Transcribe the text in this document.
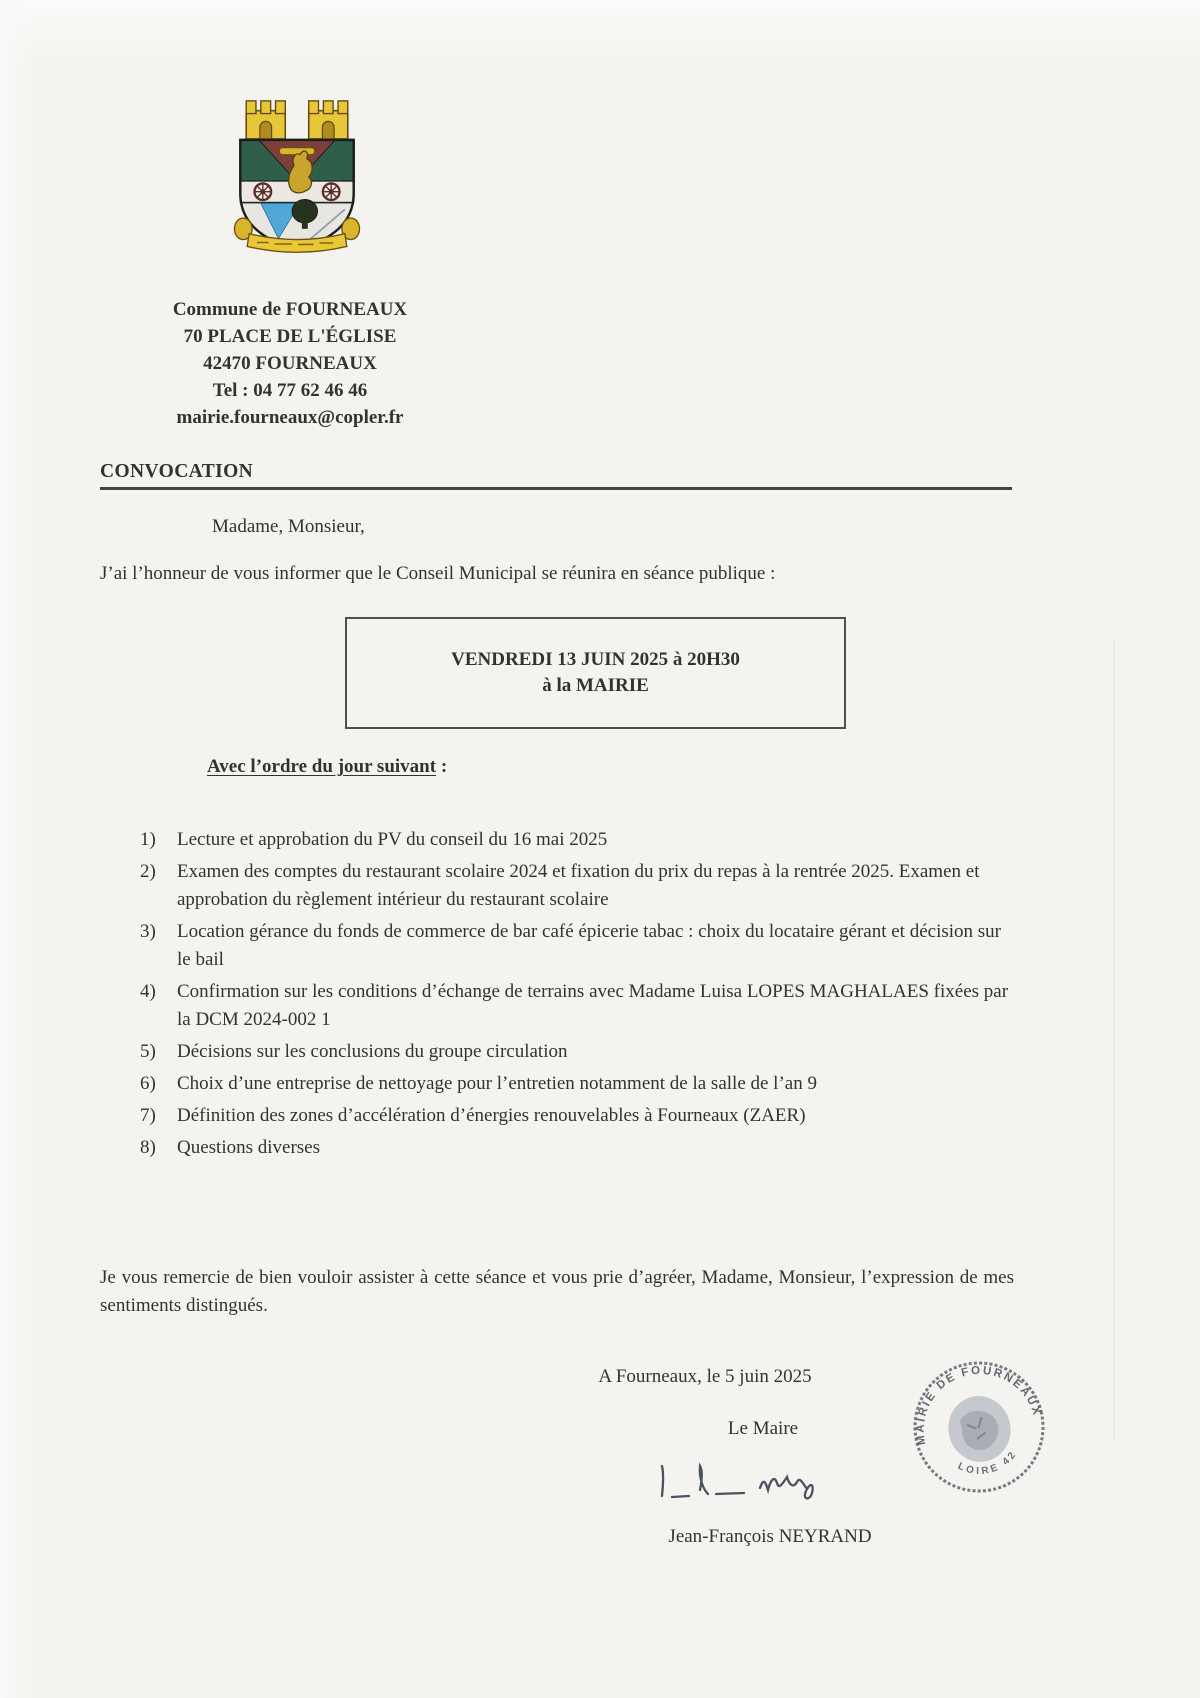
Commune de FOURNEAUX
70 PLACE DE L'ÉGLISE
42470 FOURNEAUX
Tel : 04 77 62 46 46
mairie.fourneaux@copler.fr
CONVOCATION
Madame, Monsieur,
J’ai l’honneur de vous informer que le Conseil Municipal se réunira en séance publique :
VENDREDI 13 JUIN 2025 à 20H30
à la MAIRIE
Avec l’ordre du jour suivant :
1)	Lecture et approbation du PV du conseil du 16 mai 2025
2)	Examen des comptes du restaurant scolaire 2024 et fixation du prix du repas à la rentrée 2025. Examen et approbation du règlement intérieur du restaurant scolaire
3)	Location gérance du fonds de commerce de bar café épicerie tabac : choix du locataire gérant et décision sur le bail
4)	Confirmation sur les conditions d’échange de terrains avec Madame Luisa LOPES MAGHALAES fixées par la DCM 2024-002 1
5)	Décisions sur les conclusions du groupe circulation
6)	Choix d’une entreprise de nettoyage pour l’entretien notamment de la salle de l’an 9
7)	Définition des zones d’accélération d’énergies renouvelables à Fourneaux (ZAER)
8)	Questions diverses
Je vous remercie de bien vouloir assister à cette séance et vous prie d’agréer, Madame, Monsieur, l’expression de mes sentiments distingués.
A Fourneaux, le 5 juin 2025
Le Maire
Jean-François NEYRAND
MAIRIE DE FOURNEAUX
LOIRE 42
